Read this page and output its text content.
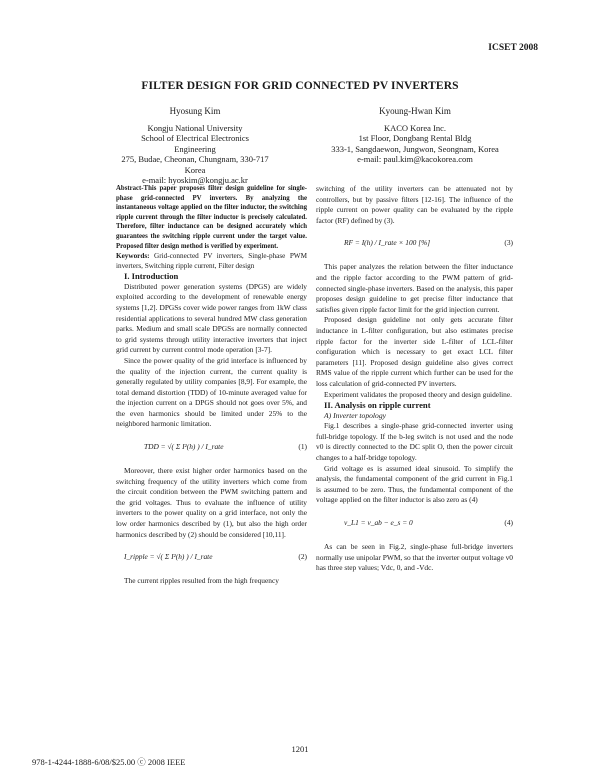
ICSET 2008
FILTER DESIGN FOR GRID CONNECTED PV INVERTERS
Hyosung Kim
Kongju National University
School of Electrical Electronics Engineering
275, Budae, Cheonan, Chungnam, 330-717 Korea
e-mail: hyoskim@kongju.ac.kr
Kyoung-Hwan Kim
KACO Korea Inc.
1st Floor, Dongbang Rental Bldg
333-1, Sangdaewon, Jungwon, Seongnam, Korea
e-mail: paul.kim@kacokorea.com

Abstract-This paper proposes filter design guideline for single-phase grid-connected PV inverters. By analyzing the instantaneous voltage applied on the filter inductor, the switching ripple current through the filter inductor is precisely calculated. Therefore, filter inductance can be designed accurately which guarantees the switching ripple current under the target value. Proposed filter design method is verified by experiment.

Keywords: Grid-connected PV inverters, Single-phase PWM inverters, Switching ripple current, Filter design

I. Introduction

Distributed power generation systems (DPGS) are widely exploited according to the development of renewable energy systems [1,2]. DPGSs cover wide power ranges from 1kW class residential applications to several hundred MW class generation parks. Medium and small scale DPGSs are normally connected to grid systems through utility interactive inverters that inject grid current by current control mode operation [3-7].

Since the power quality of the grid interface is influenced by the quality of the injection current, the current quality is generally regulated by utility companies [8,9]. For example, the total demand distortion (TDD) of 10-minute averaged value for the injection current on a DPGS should not goes over 5%, and the even harmonics should be limited under 25% to the neighbored harmonic limitation.

TDD = √( Σ I²(h) ) / I_rate	(1)

Moreover, there exist higher order harmonics based on the switching frequency of the utility inverters which come from the circuit condition between the PWM switching pattern and the grid voltages. Thus to evaluate the influence of utility inverters to the power quality on a grid interface, not only the low order harmonics described by (1), but also the high order harmonics described by (2) should be considered [10,11].

I_ripple = √( Σ I²(h) ) / I_rate	(2)

The current ripples resulted from the high frequency

switching of the utility inverters can be attenuated not by controllers, but by passive filters [12-16]. The influence of the ripple current on power quality can be evaluated by the ripple factor (RF) defined by (3).

RF = I(h) / I_rate × 100 [%]	(3)

This paper analyzes the relation between the filter inductance and the ripple factor according to the PWM pattern of grid-connected single-phase inverters. Based on the analysis, this paper proposes design guideline to get precise filter inductance that satisfies given ripple factor limit for the grid injection current.

Proposed design guideline not only gets accurate filter inductance in L-filter configuration, but also estimates precise ripple factor for the inverter side L-filter of LCL-filter configuration which is necessary to get exact LCL filter parameters [11]. Proposed design guideline also gives correct RMS value of the ripple current which further can be used for the loss calculation of grid-connected PV inverters.

Experiment validates the proposed theory and design guideline.

II. Analysis on ripple current

A) Inverter topology

Fig.1 describes a single-phase grid-connected inverter using full-bridge topology. If the b-leg switch is not used and the node v0 is directly connected to the DC split O, then the power circuit changes to a half-bridge topology.

Grid voltage es is assumed ideal sinusoid. To simplify the analysis, the fundamental component of the grid current in Fig.1 is assumed to be zero. Thus, the fundamental component of the voltage applied on the filter inductor is also zero as (4)

v_L1 = v_ab − e_s = 0	(4)

As can be seen in Fig.2, single-phase full-bridge inverters normally use unipolar PWM, so that the inverter output voltage v0 has three step values; Vdc, 0, and -Vdc.

1201
978-1-4244-1888-6/08/$25.00 ⓒ 2008 IEEE
